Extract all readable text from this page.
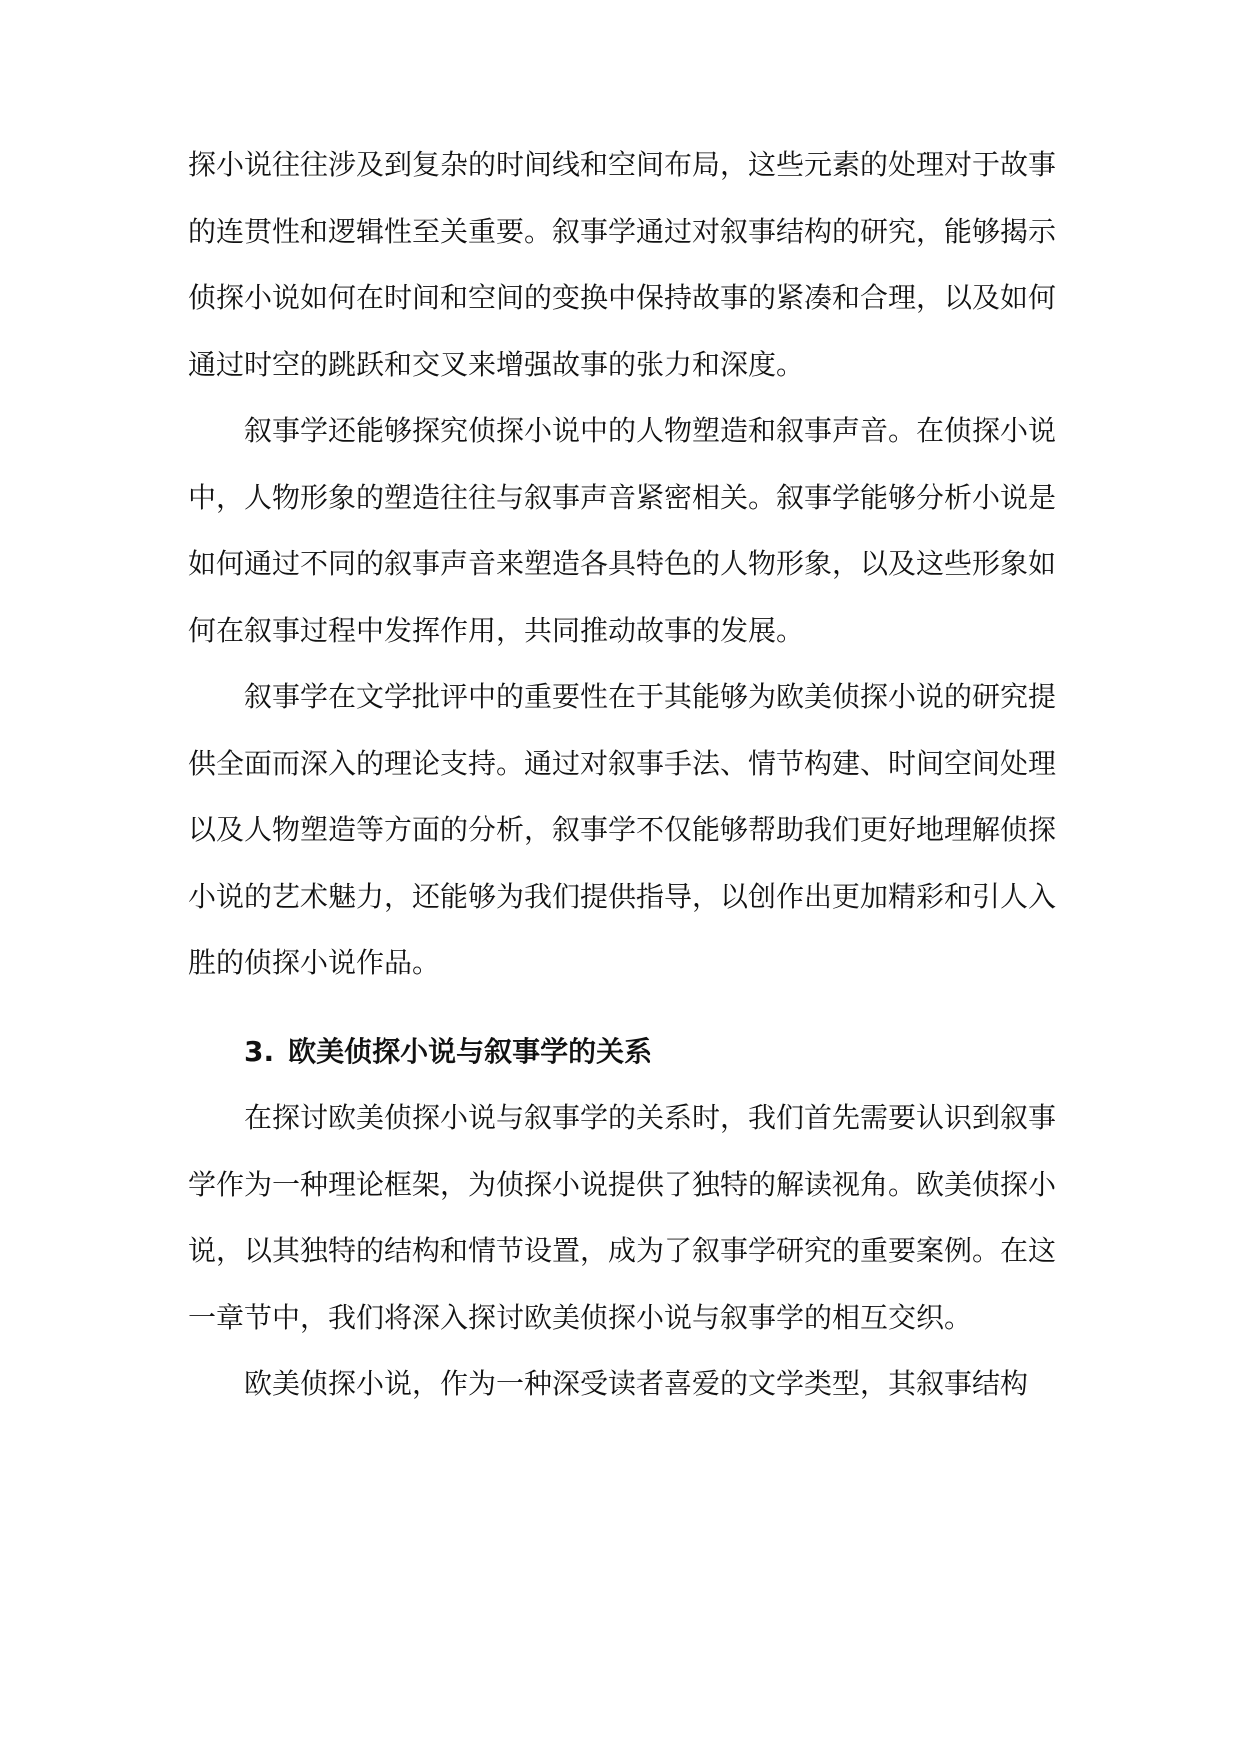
探小说往往涉及到复杂的时间线和空间布局，这些元素的处理对于故事的连贯性和逻辑性至关重要。叙事学通过对叙事结构的研究，能够揭示侦探小说如何在时间和空间的变换中保持故事的紧凑和合理，以及如何通过时空的跳跃和交叉来增强故事的张力和深度。

叙事学还能够探究侦探小说中的人物塑造和叙事声音。在侦探小说中，人物形象的塑造往往与叙事声音紧密相关。叙事学能够分析小说是如何通过不同的叙事声音来塑造各具特色的人物形象，以及这些形象如何在叙事过程中发挥作用，共同推动故事的发展。

叙事学在文学批评中的重要性在于其能够为欧美侦探小说的研究提供全面而深入的理论支持。通过对叙事手法、情节构建、时间空间处理以及人物塑造等方面的分析，叙事学不仅能够帮助我们更好地理解侦探小说的艺术魅力，还能够为我们提供指导，以创作出更加精彩和引人入胜的侦探小说作品。

3. 欧美侦探小说与叙事学的关系

在探讨欧美侦探小说与叙事学的关系时，我们首先需要认识到叙事学作为一种理论框架，为侦探小说提供了独特的解读视角。欧美侦探小说，以其独特的结构和情节设置，成为了叙事学研究的重要案例。在这一章节中，我们将深入探讨欧美侦探小说与叙事学的相互交织。

欧美侦探小说，作为一种深受读者喜爱的文学类型，其叙事结构
